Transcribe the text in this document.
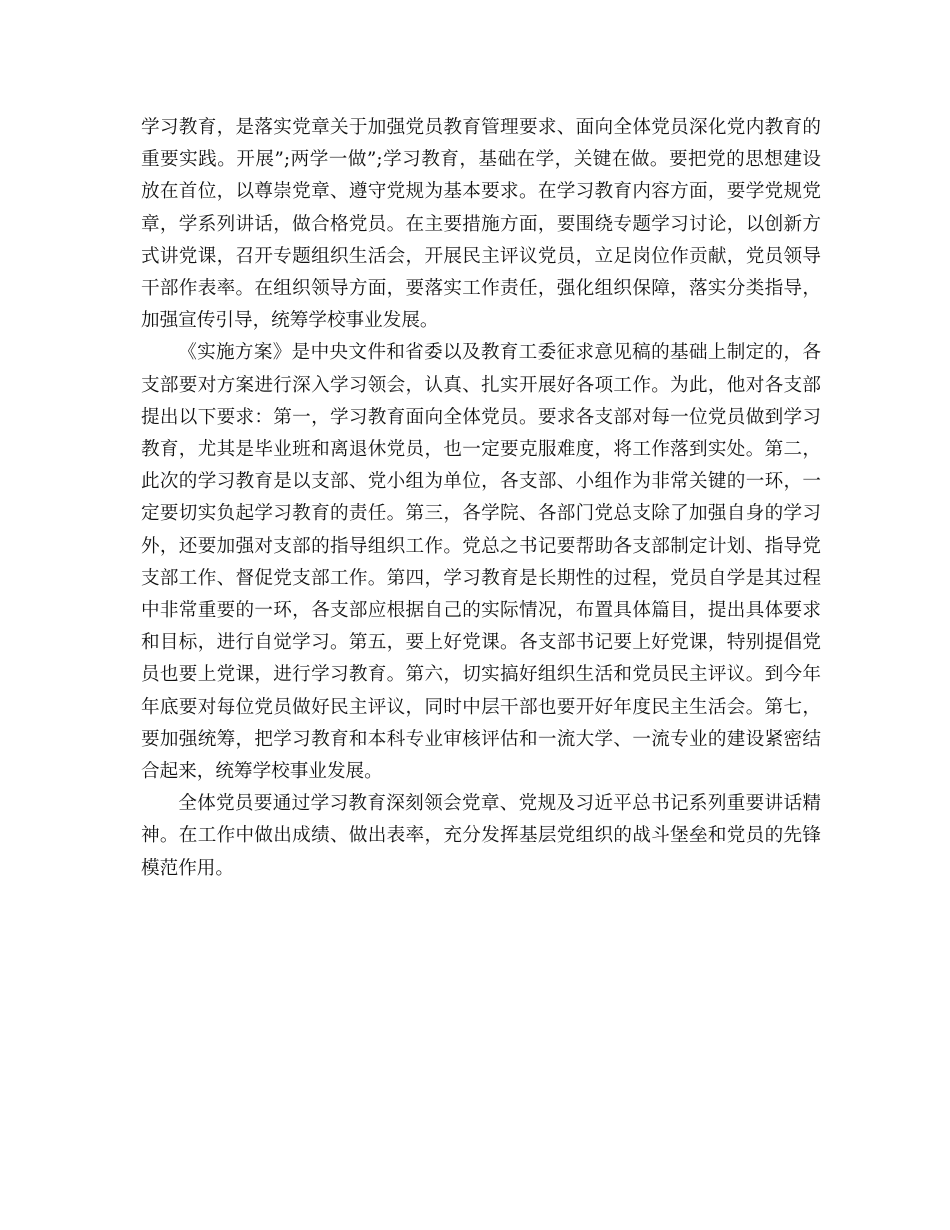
学习教育，是落实党章关于加强党员教育管理要求、面向全体党员深化党内教育的重要实践。开展”;两学一做”;学习教育，基础在学，关键在做。要把党的思想建设放在首位，以尊崇党章、遵守党规为基本要求。在学习教育内容方面，要学党规党章，学系列讲话，做合格党员。在主要措施方面，要围绕专题学习讨论，以创新方式讲党课，召开专题组织生活会，开展民主评议党员，立足岗位作贡献，党员领导干部作表率。在组织领导方面，要落实工作责任，强化组织保障，落实分类指导，加强宣传引导，统筹学校事业发展。

《实施方案》是中央文件和省委以及教育工委征求意见稿的基础上制定的，各支部要对方案进行深入学习领会，认真、扎实开展好各项工作。为此，他对各支部提出以下要求：第一，学习教育面向全体党员。要求各支部对每一位党员做到学习教育，尤其是毕业班和离退休党员，也一定要克服难度，将工作落到实处。第二，此次的学习教育是以支部、党小组为单位，各支部、小组作为非常关键的一环，一定要切实负起学习教育的责任。第三，各学院、各部门党总支除了加强自身的学习外，还要加强对支部的指导组织工作。党总之书记要帮助各支部制定计划、指导党支部工作、督促党支部工作。第四，学习教育是长期性的过程，党员自学是其过程中非常重要的一环，各支部应根据自己的实际情况，布置具体篇目，提出具体要求和目标，进行自觉学习。第五，要上好党课。各支部书记要上好党课，特别提倡党员也要上党课，进行学习教育。第六，切实搞好组织生活和党员民主评议。到今年年底要对每位党员做好民主评议，同时中层干部也要开好年度民主生活会。第七，要加强统筹，把学习教育和本科专业审核评估和一流大学、一流专业的建设紧密结合起来，统筹学校事业发展。

全体党员要通过学习教育深刻领会党章、党规及习近平总书记系列重要讲话精神。在工作中做出成绩、做出表率，充分发挥基层党组织的战斗堡垒和党员的先锋模范作用。
